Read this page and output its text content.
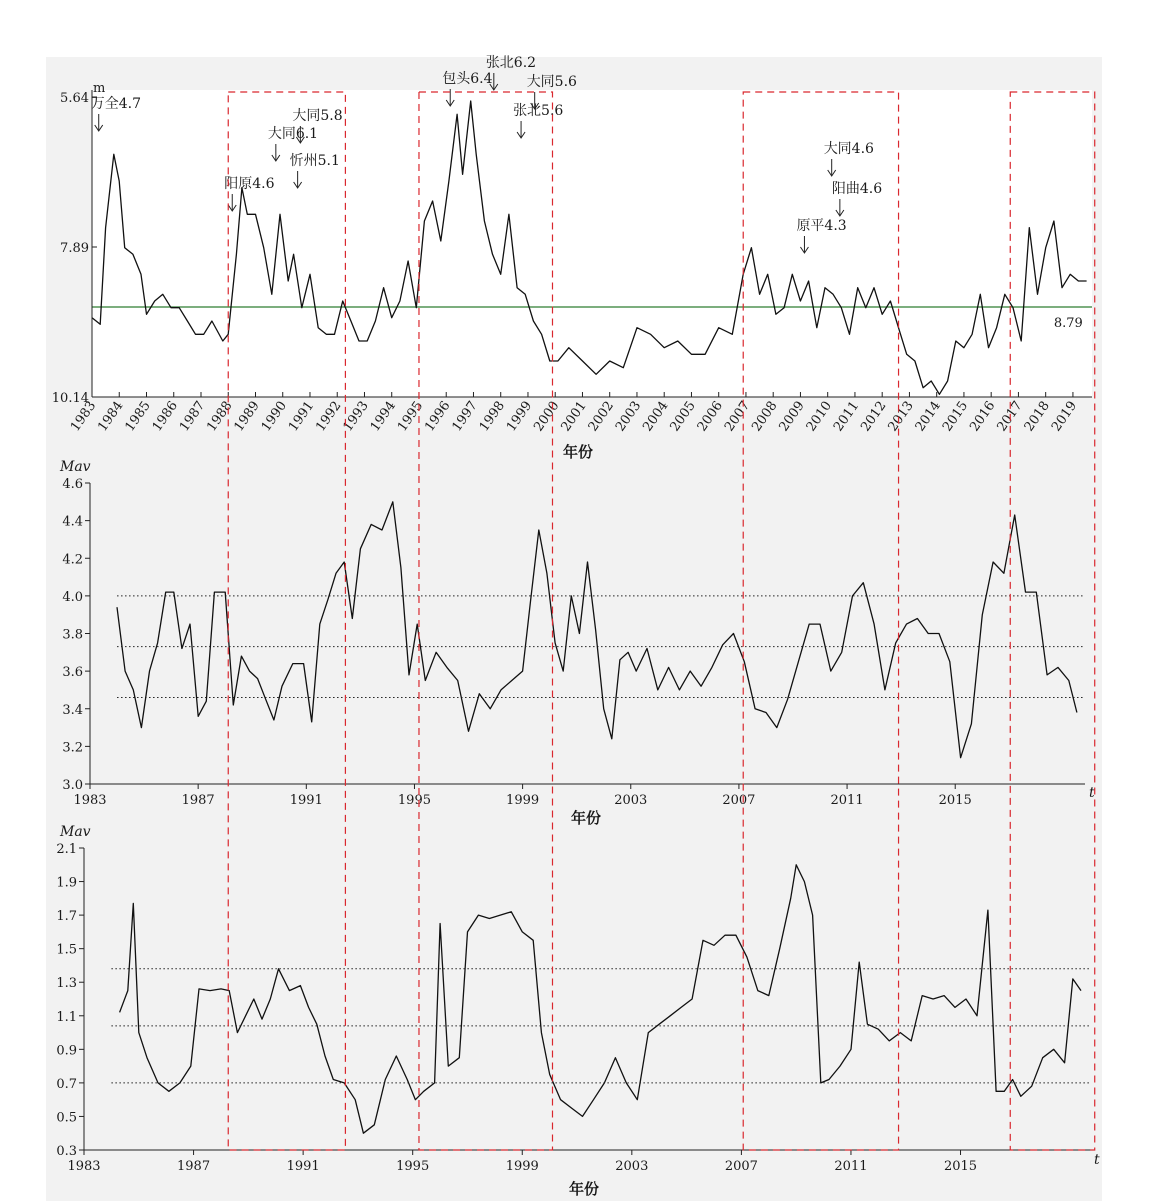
m
5.64
7.89
10.14
1983
1984
1985
1986
1987
1988
1989
1990
1991
1992
1993
1994
1995
1996
1997
1998
1999
2000
2001
2002
2003
2004
2005
2006
2007
2008
2009
2010
2011
2012
2013
2014
2015
2016
2017
2018
2019
8.79
万全4.7
阳原4.6
大同6.1
大同5.8
忻州5.1
包头6.4
张北6.2
大同5.6
张北5.6
大同4.6
阳曲4.6
原平4.3
年份
Mav
3.0
3.2
3.4
3.6
3.8
4.0
4.2
4.4
4.6
1983	1987	1991	1995	1999	2003	2007	2011	2015	t
年份
Mav
0.3
0.5
0.7
0.9
1.1
1.3
1.5
1.7
1.9
2.1
1983	1987	1991	1995	1999	2003	2007	2011	2015	t
年份
